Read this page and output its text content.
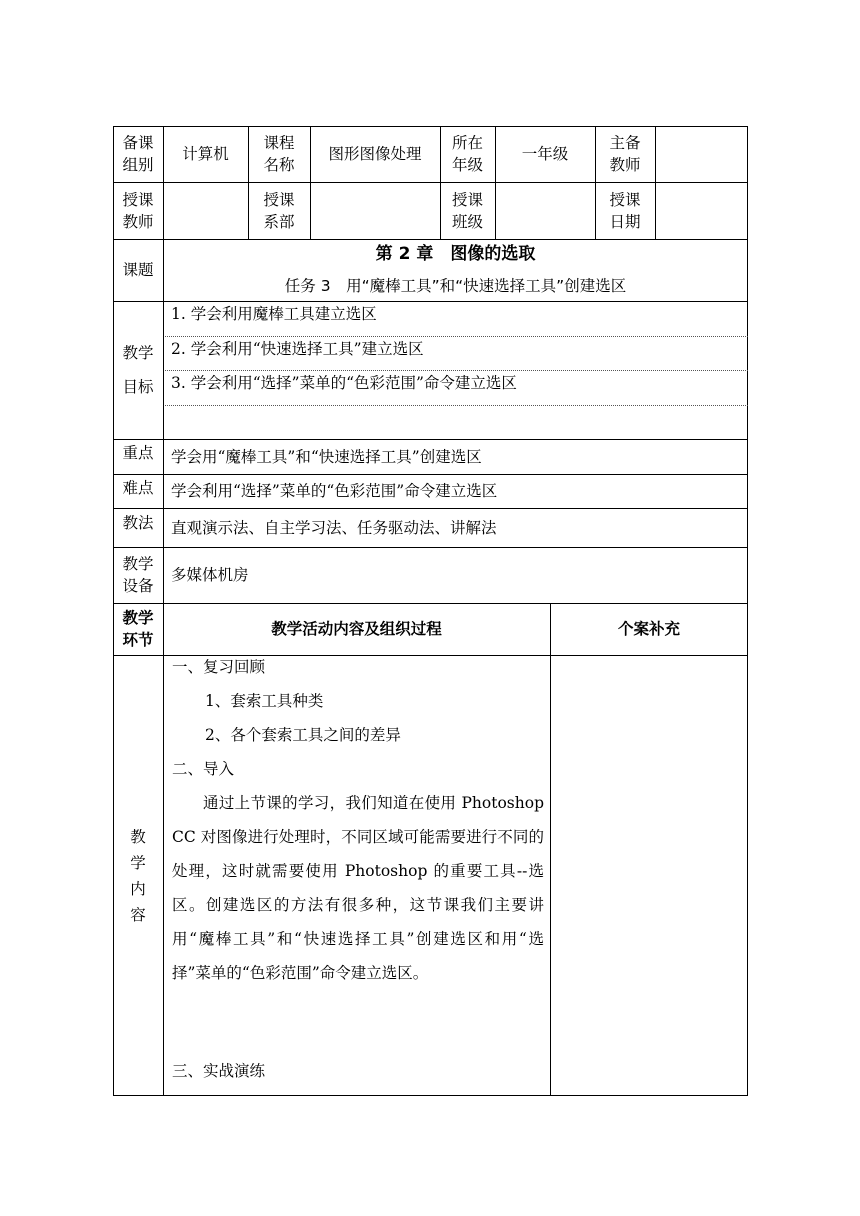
备课组别
计算机
课程名称
图形图像处理
所在年级
一年级
主备教师
授课教师
授课系部
授课班级
授课日期
课题
第 2 章　图像的选取
任务 3　用“魔棒工具”和“快速选择工具”创建选区
教学目标
1. 学会利用魔棒工具建立选区
2. 学会利用“快速选择工具”建立选区
3. 学会利用“选择”菜单的“色彩范围”命令建立选区
重点 学会用“魔棒工具”和“快速选择工具”创建选区
难点 学会利用“选择”菜单的“色彩范围”命令建立选区
教法 直观演示法、自主学习法、任务驱动法、讲解法
教学设备
多媒体机房
教学环节
教学活动内容及组织过程	个案补充
教学内容
一、复习回顾
1、套索工具种类
2、各个套索工具之间的差异
二、导入
通过上节课的学习，我们知道在使用 Photoshop CC 对图像进行处理时，不同区域可能需要进行不同的处理，这时就需要使用 Photoshop 的重要工具--选区。创建选区的方法有很多种，这节课我们主要讲用“魔棒工具”和“快速选择工具”创建选区和用“选择”菜单的“色彩范围”命令建立选区。
三、实战演练
